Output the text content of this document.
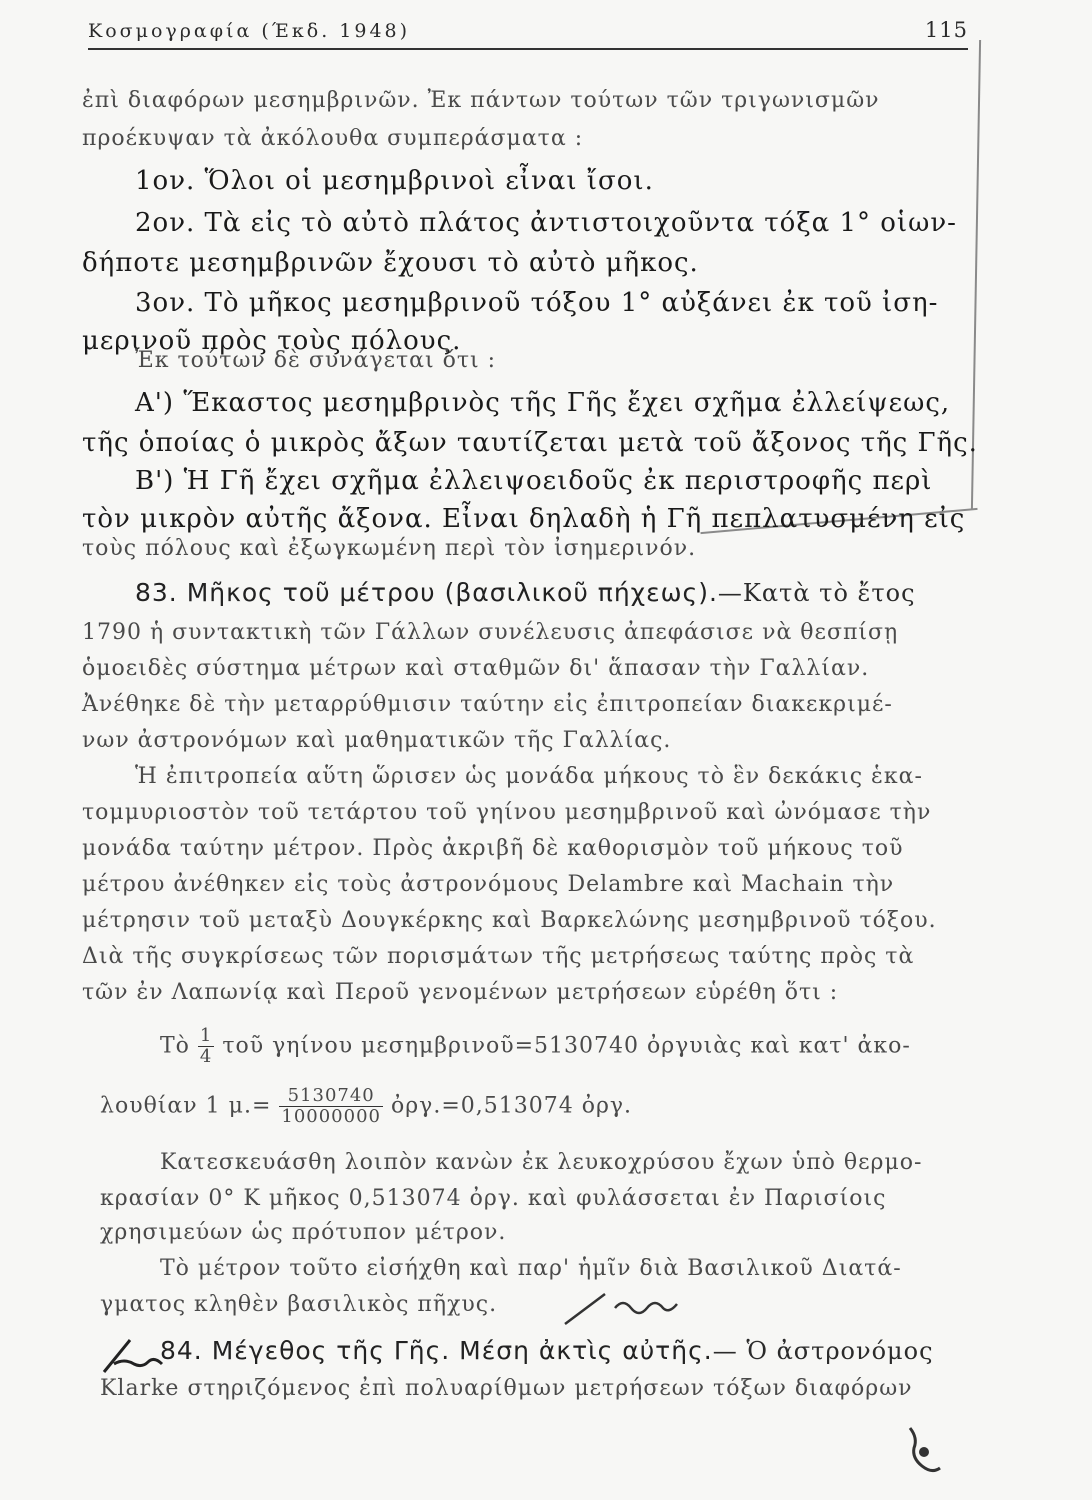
Κοσμογραφία (Έκδ. 1948)	115
ἐπὶ διαφόρων μεσημβρινῶν. Ἐκ πάντων τούτων τῶν τριγωνισμῶν
προέκυψαν τὰ ἀκόλουθα συμπεράσματα :
1ον. Ὅλοι οἱ μεσημβρινοὶ εἶναι ἴσοι.
2ον. Τὰ εἰς τὸ αὐτὸ πλάτος ἀντιστοιχοῦντα τόξα 1° οἱων-
δήποτε μεσημβρινῶν ἔχουσι τὸ αὐτὸ μῆκος.
3ον. Τὸ μῆκος μεσημβρινοῦ τόξου 1° αὐξάνει ἐκ τοῦ ἰση-
μερινοῦ πρὸς τοὺς πόλους.
Ἐκ τούτων δὲ συνάγεται ὅτι :
Α') Ἕκαστος μεσημβρινὸς τῆς Γῆς ἔχει σχῆμα ἐλλείψεως,
τῆς ὁποίας ὁ μικρὸς ἄξων ταυτίζεται μετὰ τοῦ ἄξονος τῆς Γῆς.
Β') Ἡ Γῆ ἔχει σχῆμα ἐλλειψοειδοῦς ἐκ περιστροφῆς περὶ
τὸν μικρὸν αὐτῆς ἄξονα. Εἶναι δηλαδὴ ἡ Γῆ πεπλατυσμένη εἰς
τοὺς πόλους καὶ ἐξωγκωμένη περὶ τὸν ἰσημερινόν.
83. Μῆκος τοῦ μέτρου (βασιλικοῦ πήχεως).—Κατὰ τὸ ἔτος
1790 ἡ συντακτικὴ τῶν Γάλλων συνέλευσις ἀπεφάσισε νὰ θεσπίσῃ
ὁμοειδὲς σύστημα μέτρων καὶ σταθμῶν δι' ἅπασαν τὴν Γαλλίαν.
Ἀνέθηκε δὲ τὴν μεταρρύθμισιν ταύτην εἰς ἐπιτροπείαν διακεκριμέ-
νων ἀστρονόμων καὶ μαθηματικῶν τῆς Γαλλίας.
Ἡ ἐπιτροπεία αὕτη ὥρισεν ὡς μονάδα μήκους τὸ ἓν δεκάκις ἑκα-
τομμυριοστὸν τοῦ τετάρτου τοῦ γηίνου μεσημβρινοῦ καὶ ὠνόμασε τὴν
μονάδα ταύτην μέτρον. Πρὸς ἀκριβῆ δὲ καθορισμὸν τοῦ μήκους τοῦ
μέτρου ἀνέθηκεν εἰς τοὺς ἀστρονόμους Delambre καὶ Machain τὴν
μέτρησιν τοῦ μεταξὺ Δουγκέρκης καὶ Βαρκελώνης μεσημβρινοῦ τόξου.
Διὰ τῆς συγκρίσεως τῶν πορισμάτων τῆς μετρήσεως ταύτης πρὸς τὰ
τῶν ἐν Λαπωνίᾳ καὶ Περοῦ γενομένων μετρήσεων εὑρέθη ὅτι :
Τὸ $\frac{1}{4}$ τοῦ γηίνου μεσημβρινοῦ=5130740 ὀργυιὰς καὶ κατ' ἀκο-
λουθίαν 1 $\mu.= \frac{5130740}{10000000}$ ὀργ.=0,513074 ὀργ.
Κατεσκευάσθη λοιπὸν κανὼν ἐκ λευκοχρύσου ἔχων ὑπὸ θερμο-
κρασίαν 0° Κ μῆκος 0,513074 ὀργ. καὶ φυλάσσεται ἐν Παρισίοις
χρησιμεύων ὡς πρότυπον μέτρον.
Τὸ μέτρον τοῦτο εἰσήχθη καὶ παρ' ἡμῖν διὰ Βασιλικοῦ Διατά-
γματος κληθὲν βασιλικὸς πῆχυς.
84. Μέγεθος τῆς Γῆς. Μέση ἀκτὶς αὐτῆς.— Ὁ ἀστρονόμος
Klarke στηριζόμενος ἐπὶ πολυαρίθμων μετρήσεων τόξων διαφόρων
